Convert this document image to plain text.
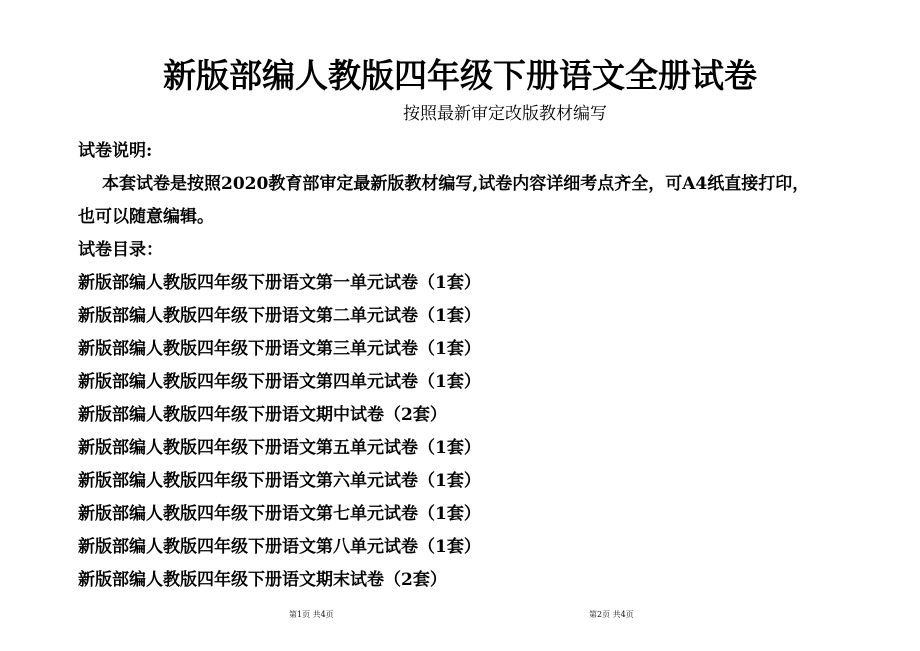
新版部编人教版四年级下册语文全册试卷
按照最新审定改版教材编写
试卷说明:
本套试卷是按照2020教育部审定最新版教材编写,试卷内容详细考点齐全，可A4纸直接打印，
也可以随意编辑。
试卷目录：
新版部编人教版四年级下册语文第一单元试卷（1套）
新版部编人教版四年级下册语文第二单元试卷（1套）
新版部编人教版四年级下册语文第三单元试卷（1套）
新版部编人教版四年级下册语文第四单元试卷（1套）
新版部编人教版四年级下册语文期中试卷（2套）
新版部编人教版四年级下册语文第五单元试卷（1套）
新版部编人教版四年级下册语文第六单元试卷（1套）
新版部编人教版四年级下册语文第七单元试卷（1套）
新版部编人教版四年级下册语文第八单元试卷（1套）
新版部编人教版四年级下册语文期末试卷（2套）
第1页 共4页	第2页 共4页
